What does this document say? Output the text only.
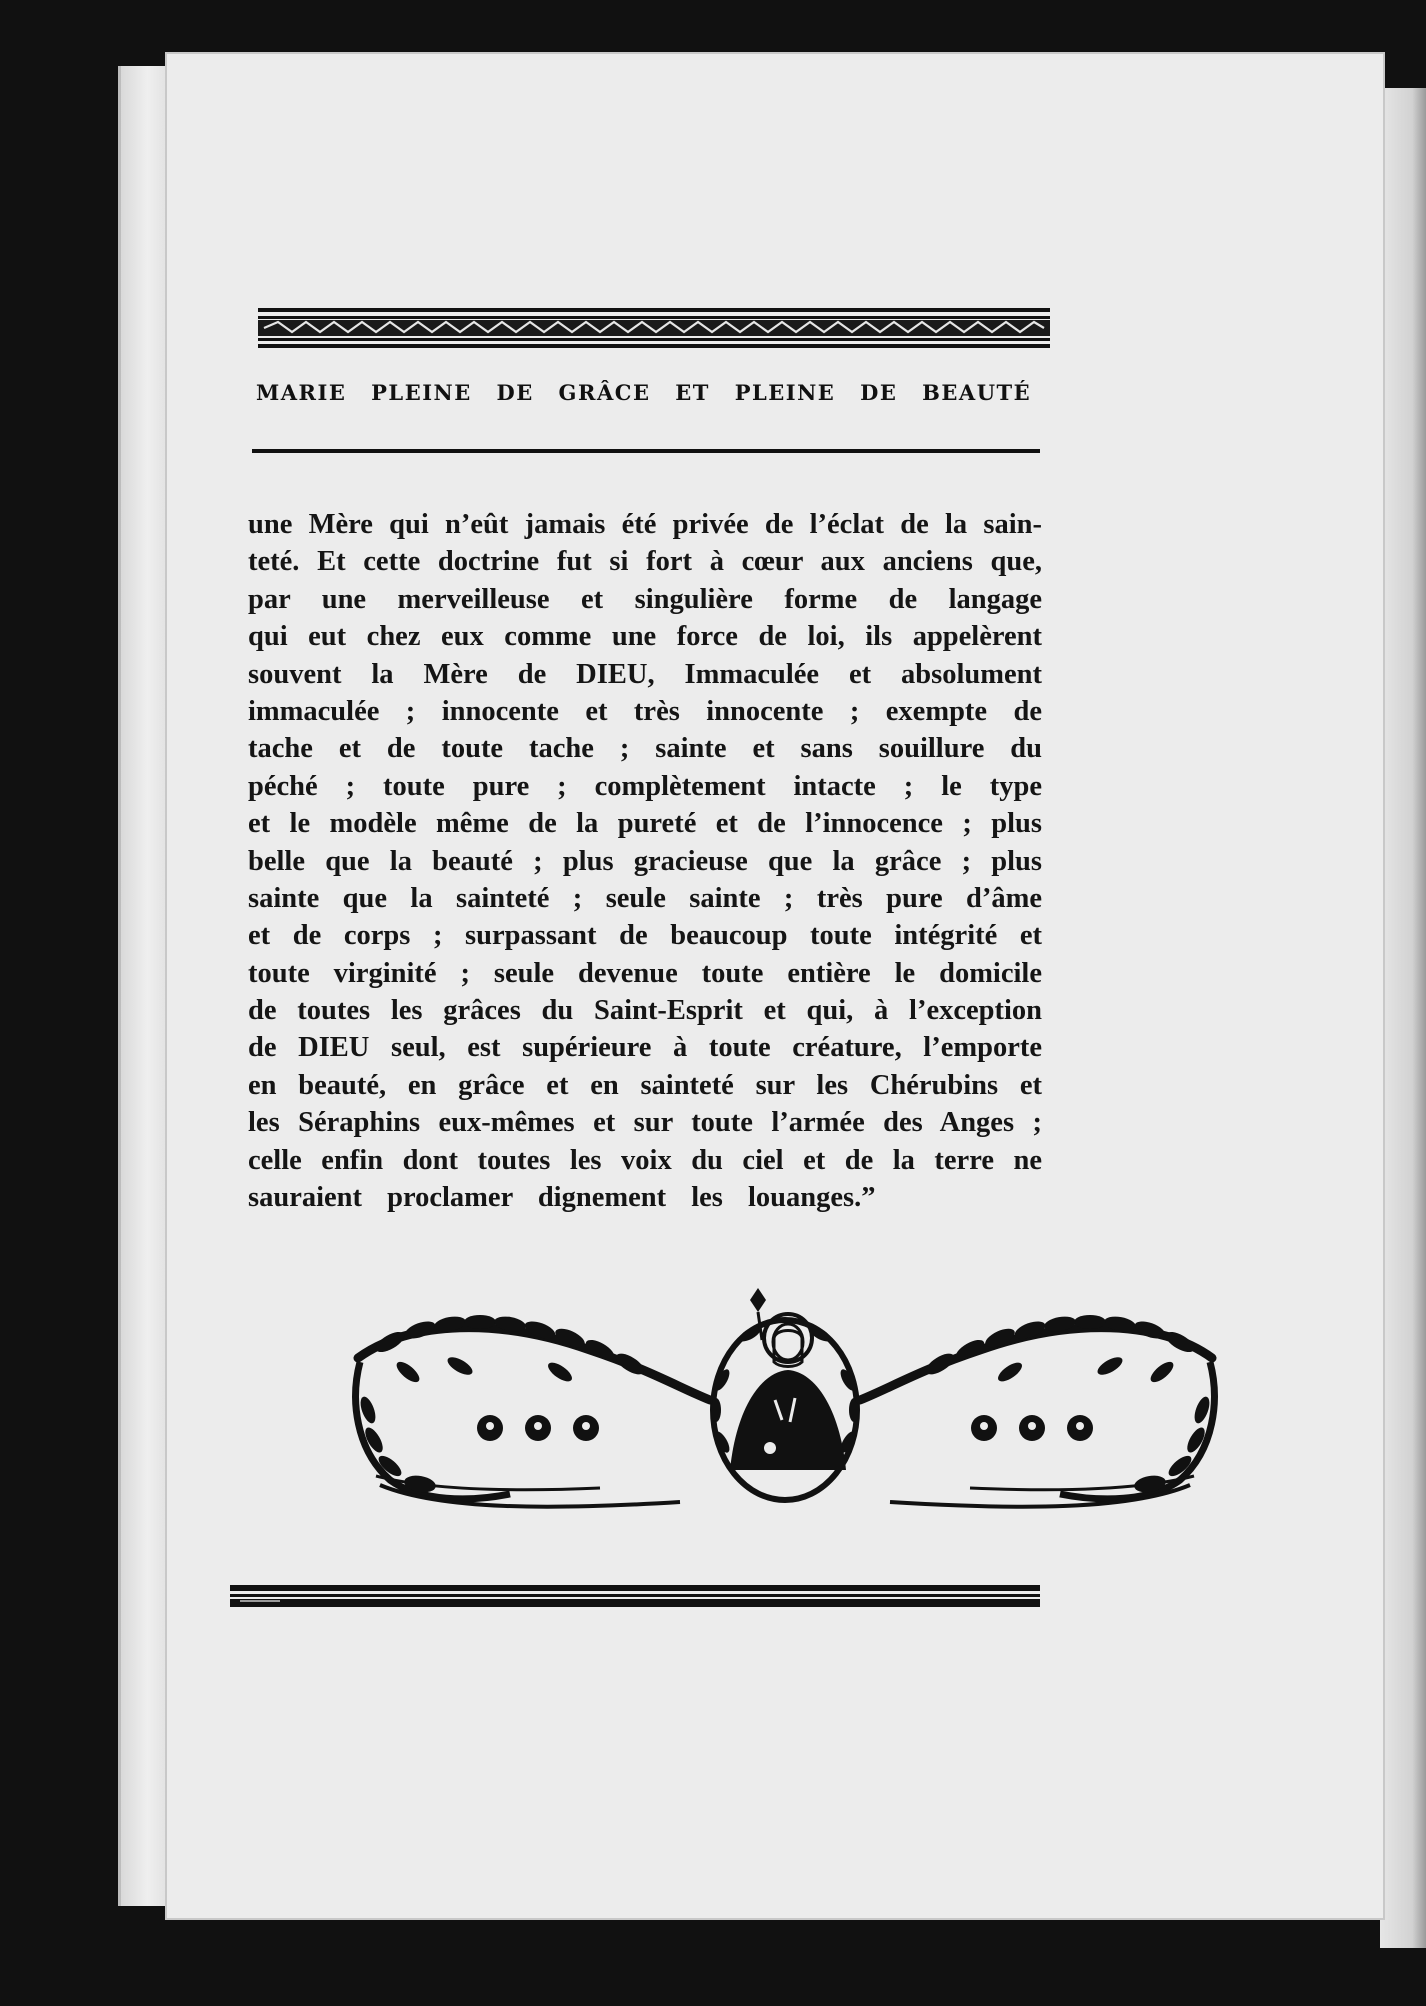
MARIE PLEINE DE GRÂCE ET PLEINE DE BEAUTÉ
une Mère qui n’eût jamais été privée de l’éclat de la sain-
teté. Et cette doctrine fut si fort à cœur aux anciens que,
par une merveilleuse et singulière forme de langage
qui eut chez eux comme une force de loi, ils appelèrent
souvent la Mère de DIEU, Immaculée et absolument
immaculée ; innocente et très innocente ; exempte de
tache et de toute tache ; sainte et sans souillure du
péché ; toute pure ; complètement intacte ; le type
et le modèle même de la pureté et de l’innocence ; plus
belle que la beauté ; plus gracieuse que la grâce ; plus
sainte que la sainteté ; seule sainte ; très pure d’âme
et de corps ; surpassant de beaucoup toute intégrité et
toute virginité ; seule devenue toute entière le domicile
de toutes les grâces du Saint-Esprit et qui, à l’exception
de DIEU seul, est supérieure à toute créature, l’emporte
en beauté, en grâce et en sainteté sur les Chérubins et
les Séraphins eux-mêmes et sur toute l’armée des Anges ;
celle enfin dont toutes les voix du ciel et de la terre ne
sauraient proclamer dignement les louanges.”
